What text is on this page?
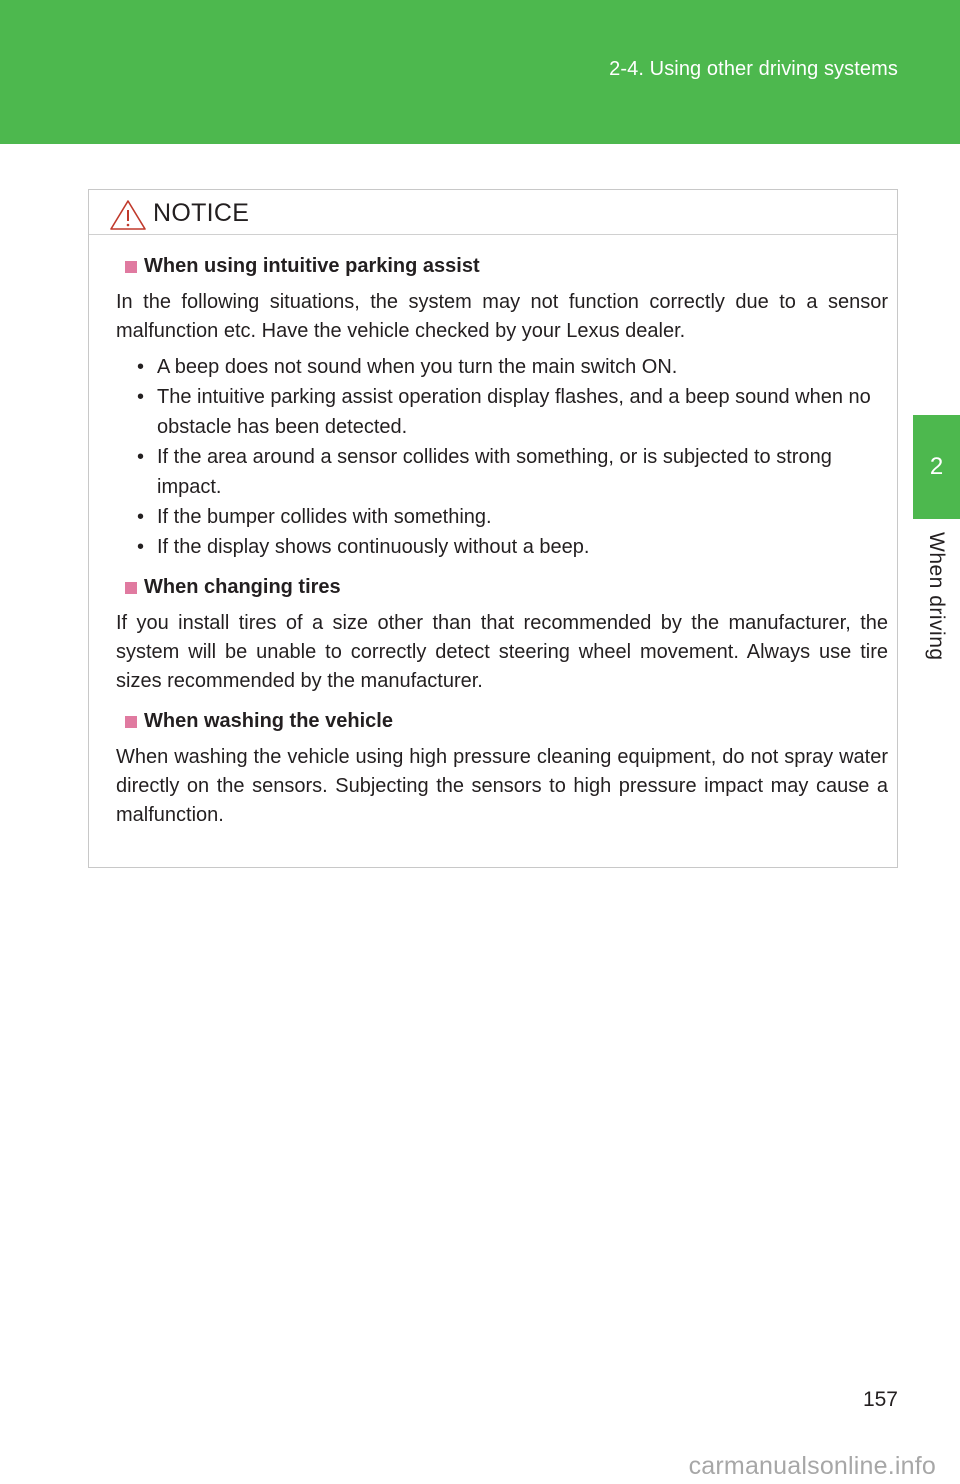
2-4. Using other driving systems
2
When driving
NOTICE
When using intuitive parking assist
In the following situations, the system may not function correctly due to a sensor malfunction etc. Have the vehicle checked by your Lexus dealer.
• A beep does not sound when you turn the main switch ON.
• The intuitive parking assist operation display flashes, and a beep sound when no obstacle has been detected.
• If the area around a sensor collides with something, or is subjected to strong impact.
• If the bumper collides with something.
• If the display shows continuously without a beep.
When changing tires
If you install tires of a size other than that recommended by the manufacturer, the system will be unable to correctly detect steering wheel movement. Always use tire sizes recommended by the manufacturer.
When washing the vehicle
When washing the vehicle using high pressure cleaning equipment, do not spray water directly on the sensors. Subjecting the sensors to high pressure impact may cause a malfunction.
157
carmanualsonline.info
